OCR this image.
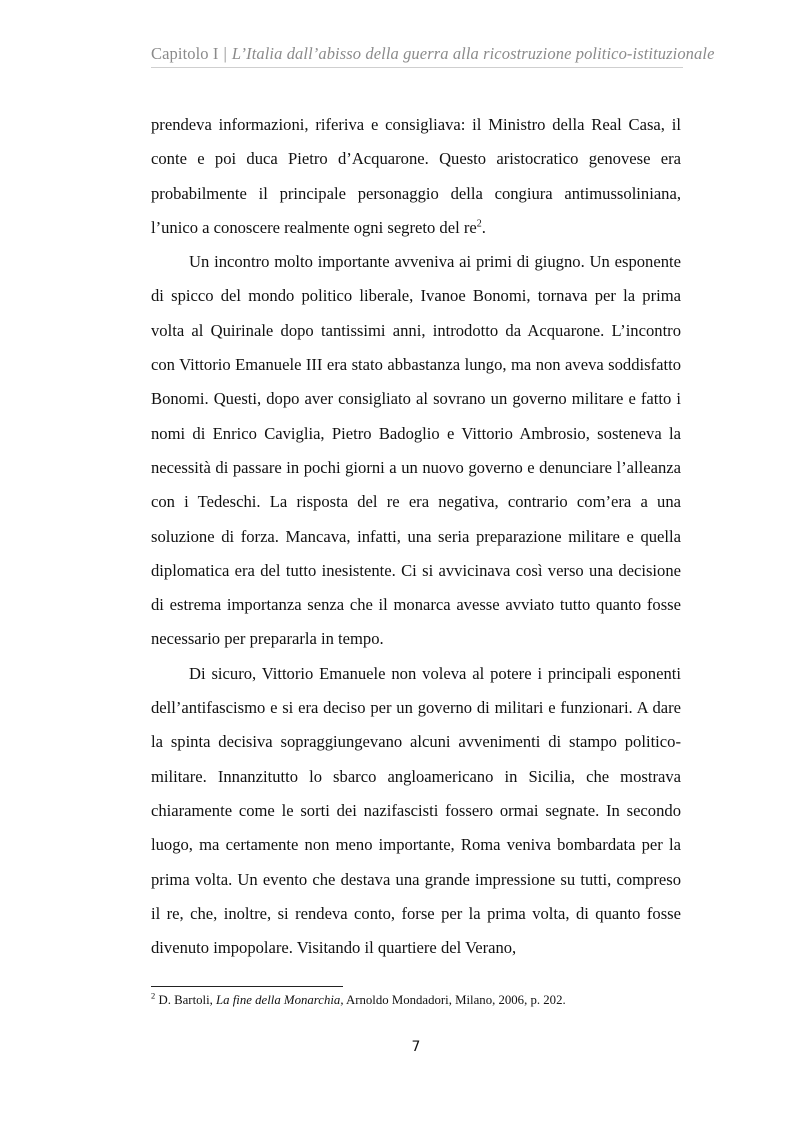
Capitolo I | L’Italia dall’abisso della guerra alla ricostruzione politico-istituzionale

prendeva informazioni, riferiva e consigliava: il Ministro della Real Casa, il conte e poi duca Pietro d’Acquarone. Questo aristocratico genovese era probabilmente il principale personaggio della congiura antimussoliniana, l’unico a conoscere realmente ogni segreto del $re^2$.

Un incontro molto importante avveniva ai primi di giugno. Un esponente di spicco del mondo politico liberale, Ivanoe Bonomi, tornava per la prima volta al Quirinale dopo tantissimi anni, introdotto da Acquarone. L’incontro con Vittorio Emanuele III era stato abbastanza lungo, ma non aveva soddisfatto Bonomi. Questi, dopo aver consigliato al sovrano un governo militare e fatto i nomi di Enrico Caviglia, Pietro Badoglio e Vittorio Ambrosio, sosteneva la necessità di passare in pochi giorni a un nuovo governo e denunciare l’alleanza con i Tedeschi. La risposta del re era negativa, contrario com’era a una soluzione di forza. Mancava, infatti, una seria preparazione militare e quella diplomatica era del tutto inesistente. Ci si avvicinava così verso una decisione di estrema importanza senza che il monarca avesse avviato tutto quanto fosse necessario per prepararla in tempo.

Di sicuro, Vittorio Emanuele non voleva al potere i principali esponenti dell’antifascismo e si era deciso per un governo di militari e funzionari. A dare la spinta decisiva sopraggiungevano alcuni avvenimenti di stampo politico-militare. Innanzitutto lo sbarco angloamericano in Sicilia, che mostrava chiaramente come le sorti dei nazifascisti fossero ormai segnate. In secondo luogo, ma certamente non meno importante, Roma veniva bombardata per la prima volta. Un evento che destava una grande impressione su tutti, compreso il re, che, inoltre, si rendeva conto, forse per la prima volta, di quanto fosse divenuto impopolare. Visitando il quartiere del Verano,

$^2$ D. Bartoli, La fine della Monarchia, Arnoldo Mondadori, Milano, 2006, p. 202.
7
